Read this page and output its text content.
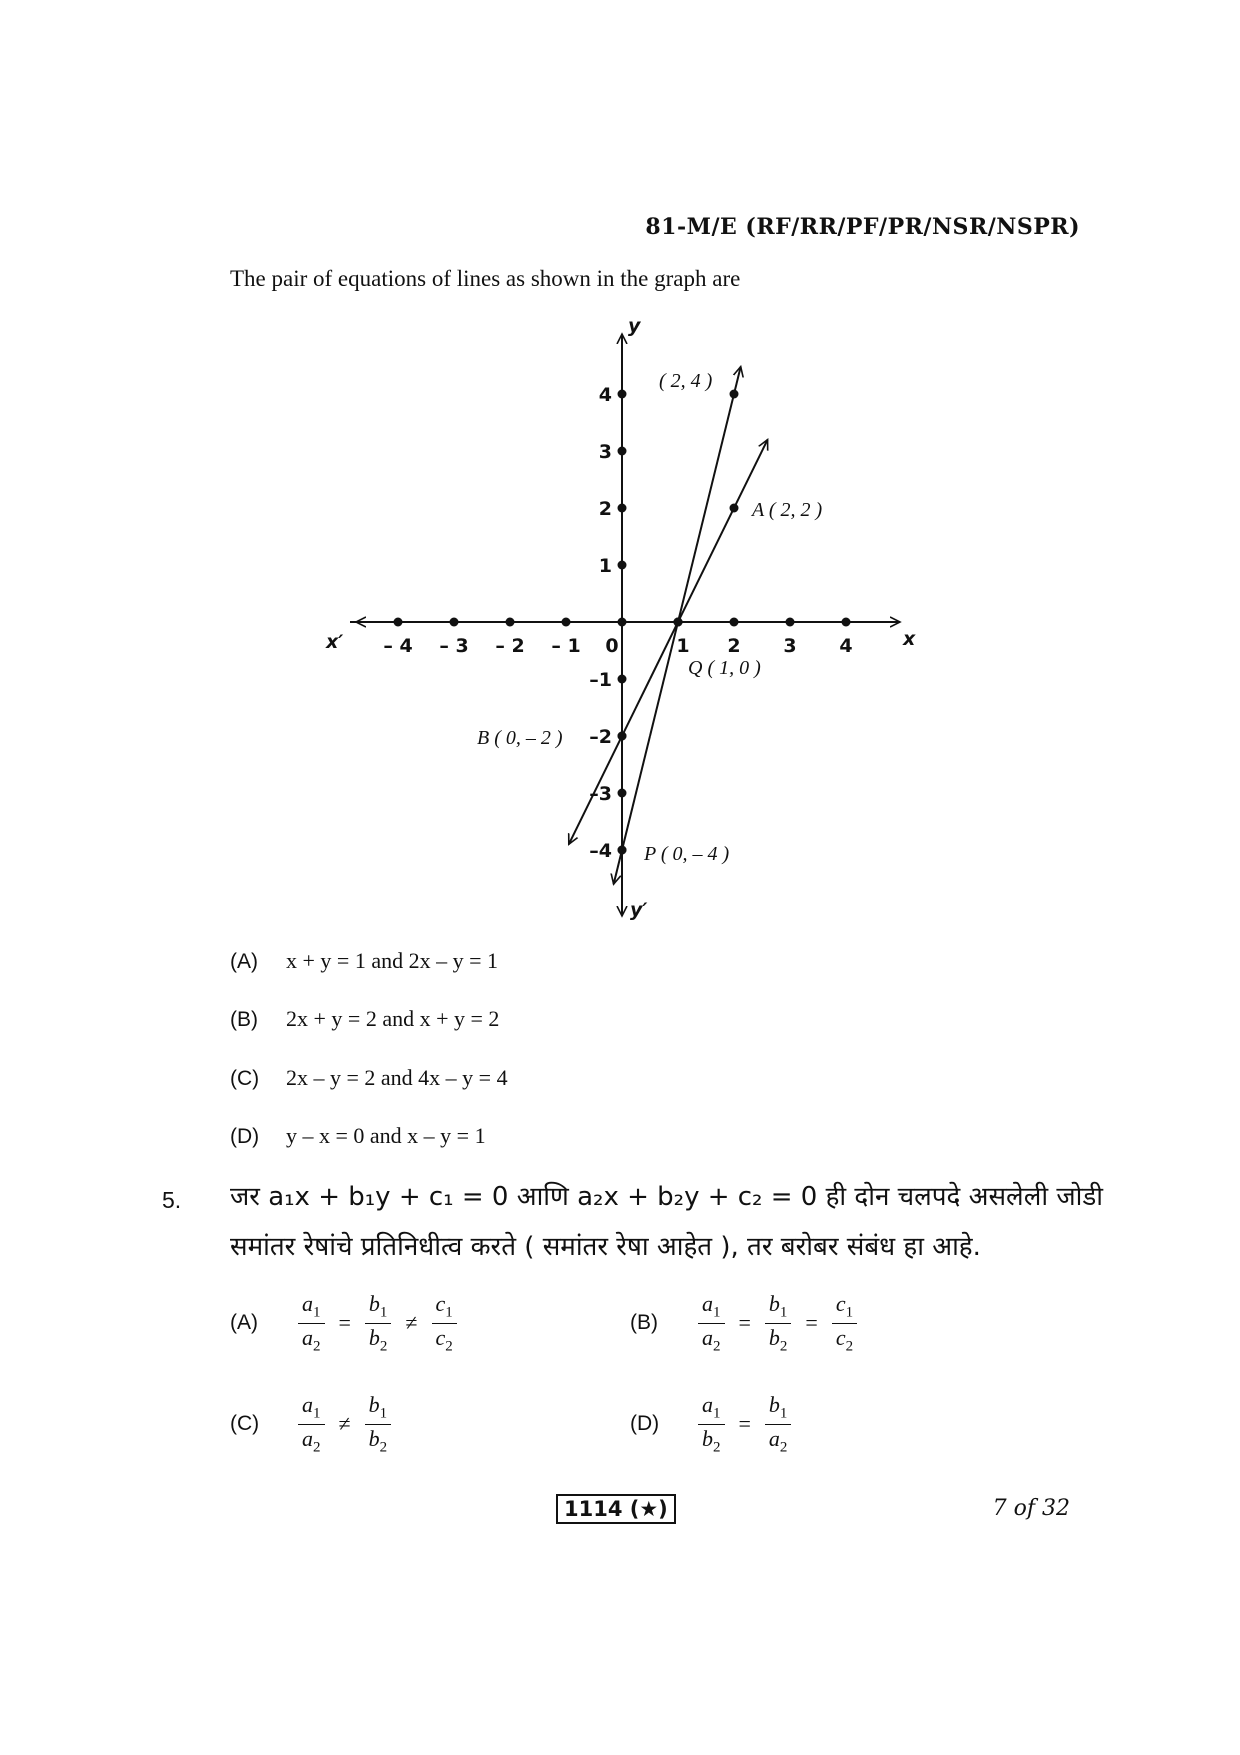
81-M/E (RF/RR/PF/PR/NSR/NSPR)
The pair of equations of lines as shown in the graph are
– 4 – 3 – 2 – 1 0	1 2 3 4
4
3
2
1
–1
–2
–3
–4
x
x′
y
y′
( 2, 4 )
A ( 2, 2 )
Q ( 1, 0 )
B ( 0, – 2 )
P ( 0, – 4 )
(A) x + y = 1 and 2x – y = 1
(B) 2x + y = 2 and x + y = 2
(C) 2x – y = 2 and 4x – y = 4
(D) y – x = 0 and x – y = 1
5. जर a₁x + b₁y + c₁ = 0 आणि a₂x + b₂y + c₂ = 0 ही दोन चलपदे असलेली जोडी
समांतर रेषांचे प्रतिनिधीत्व करते ( समांतर रेषा आहेत ), तर बरोबर संबंध हा आहे.
(A)	$\frac{a_1}{a_2} = \frac{b_1}{b_2} \ne \frac{c_1}{c_2}$	(B)	$\frac{a_1}{a_2} = \frac{b_1}{b_2} = \frac{c_1}{c_2}$
(C)	$\frac{a_1}{a_2} \ne \frac{b_1}{b_2}$	(D)	$\frac{a_1}{b_2} = \frac{b_1}{a_2}$
1114 (★)	7 of 32
